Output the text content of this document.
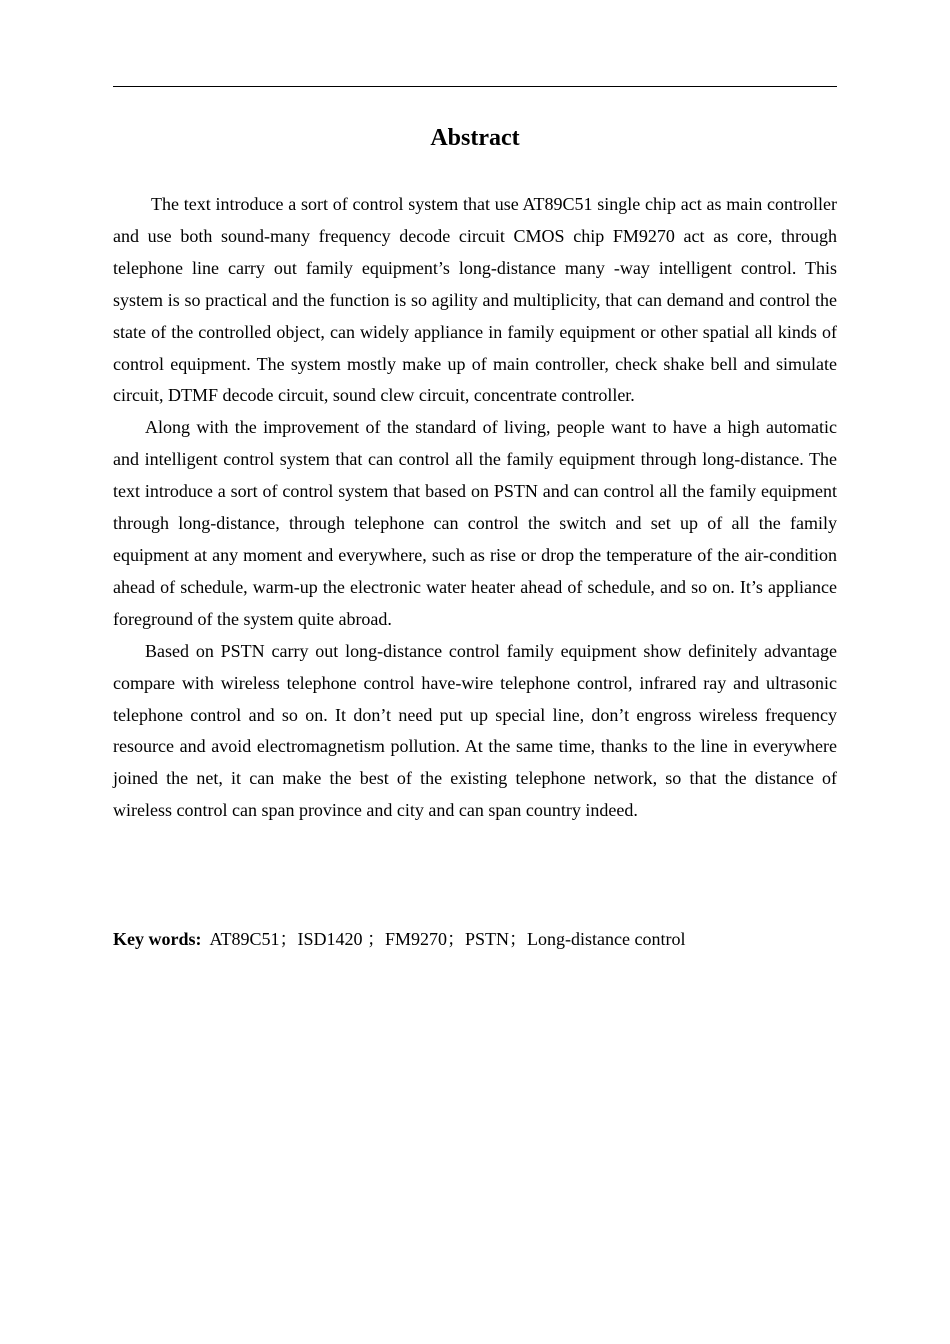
Abstract

The text introduce a sort of control system that use AT89C51 single chip act as main controller and use both sound-many frequency decode circuit CMOS chip FM9270 act as core, through telephone line carry out family equipment’s long-distance many -way intelligent control. This system is so practical and the function is so agility and multiplicity, that can demand and control the state of the controlled object, can widely appliance in family equipment or other spatial all kinds of control equipment. The system mostly make up of main controller, check shake bell and simulate circuit, DTMF decode circuit, sound clew circuit, concentrate controller.

Along with the improvement of the standard of living, people want to have a high automatic and intelligent control system that can control all the family equipment through long-distance. The text introduce a sort of control system that based on PSTN and can control all the family equipment through long-distance, through telephone can control the switch and set up of all the family equipment at any moment and everywhere, such as rise or drop the temperature of the air-condition ahead of schedule, warm-up the electronic water heater ahead of schedule, and so on. It’s appliance foreground of the system quite abroad.

Based on PSTN carry out long-distance control family equipment show definitely advantage compare with wireless telephone control have-wire telephone control, infrared ray and ultrasonic telephone control and so on. It don’t need put up special line, don’t engross wireless frequency resource and avoid electromagnetism pollution. At the same time, thanks to the line in everywhere joined the net, it can make the best of the existing telephone network, so that the distance of wireless control can span province and city and can span country indeed.

Key words: AT89C51；ISD1420 ；FM9270；PSTN；Long-distance control
